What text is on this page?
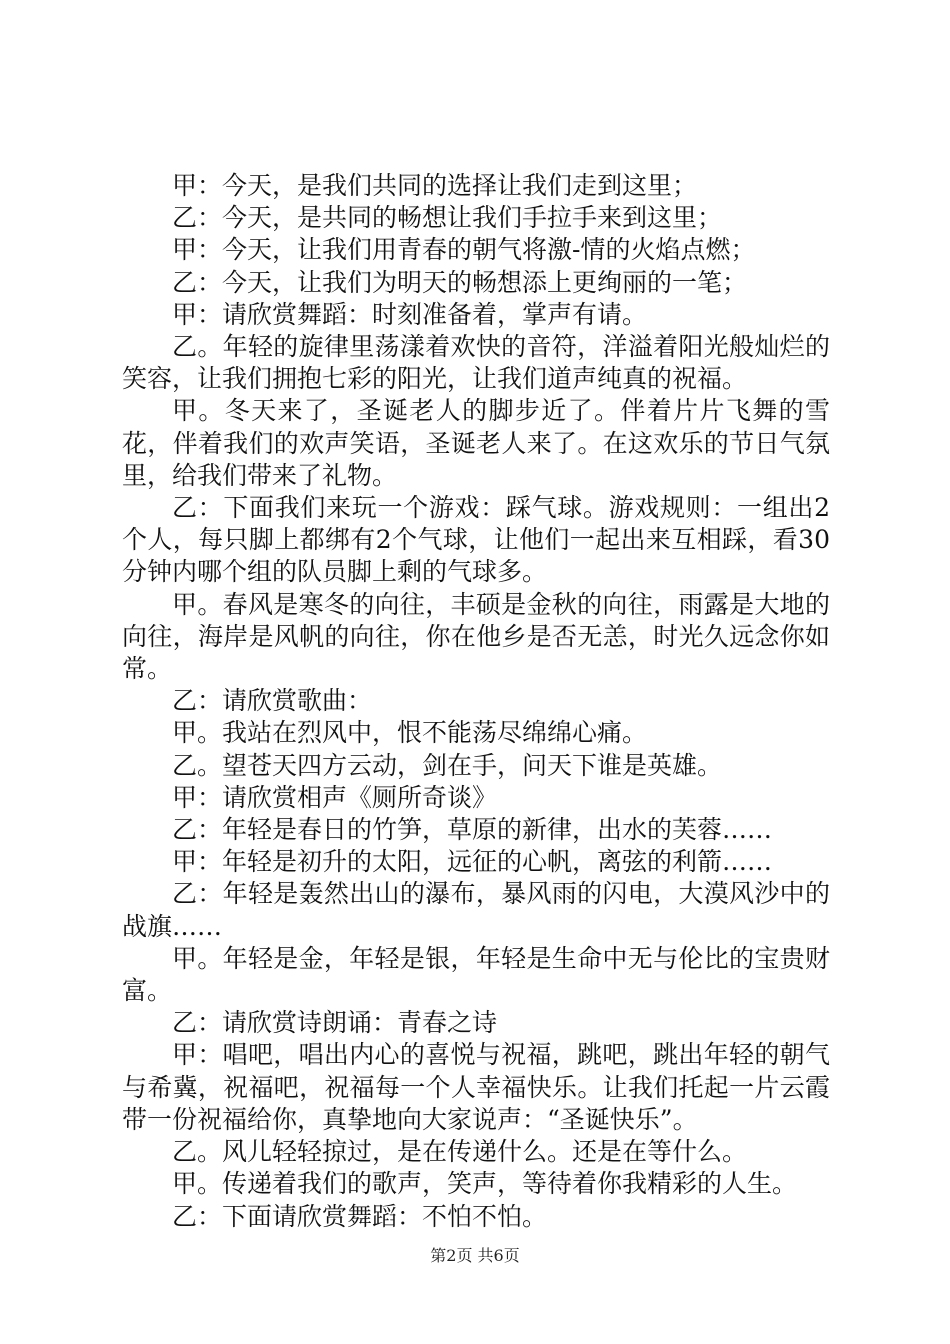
甲：今天，是我们共同的选择让我们走到这里；

乙：今天，是共同的畅想让我们手拉手来到这里；

甲：今天，让我们用青春的朝气将激-情的火焰点燃；

乙：今天，让我们为明天的畅想添上更绚丽的一笔；

甲：请欣赏舞蹈：时刻准备着，掌声有请。

乙。年轻的旋律里荡漾着欢快的音符，洋溢着阳光般灿烂的笑容，让我们拥抱七彩的阳光，让我们道声纯真的祝福。

甲。冬天来了，圣诞老人的脚步近了。伴着片片飞舞的雪花，伴着我们的欢声笑语，圣诞老人来了。在这欢乐的节日气氛里，给我们带来了礼物。

乙：下面我们来玩一个游戏：踩气球。游戏规则：一组出2个人，每只脚上都绑有2个气球，让他们一起出来互相踩，看30分钟内哪个组的队员脚上剩的气球多。

甲。春风是寒冬的向往，丰硕是金秋的向往，雨露是大地的向往，海岸是风帆的向往，你在他乡是否无恙，时光久远念你如常。

乙：请欣赏歌曲：

甲。我站在烈风中，恨不能荡尽绵绵心痛。

乙。望苍天四方云动，剑在手，问天下谁是英雄。

甲：请欣赏相声《厕所奇谈》

乙：年轻是春日的竹笋，草原的新律，出水的芙蓉……

甲：年轻是初升的太阳，远征的心帆，离弦的利箭……

乙：年轻是轰然出山的瀑布，暴风雨的闪电，大漠风沙中的战旗……

甲。年轻是金，年轻是银，年轻是生命中无与伦比的宝贵财富。

乙：请欣赏诗朗诵：青春之诗

甲：唱吧，唱出内心的喜悦与祝福，跳吧，跳出年轻的朝气与希冀，祝福吧，祝福每一个人幸福快乐。让我们托起一片云霞带一份祝福给你，真挚地向大家说声：“圣诞快乐”。

乙。风儿轻轻掠过，是在传递什么。还是在等什么。

甲。传递着我们的歌声，笑声，等待着你我精彩的人生。

乙：下面请欣赏舞蹈：不怕不怕。

第2页 共6页
